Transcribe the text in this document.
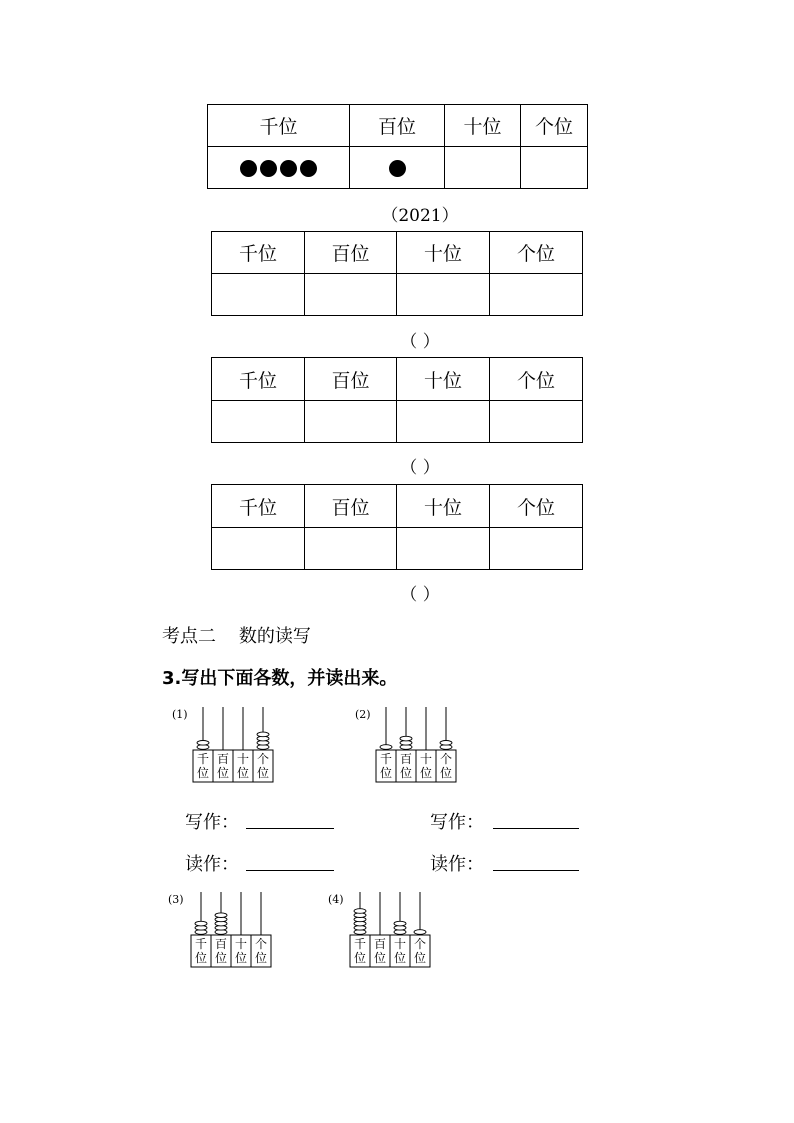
千位	百位	十位	个位

（2021）
千位	百位	十位	个位

（ ）
千位	百位	十位	个位

（ ）
千位	百位	十位	个位

（ ）
考点二    数的读写
3.写出下面各数，并读出来。
(1)
千
位
百
位
十
位
个
位
(2)
千
位
百
位
十
位
个
位
写作：	写作：
读作：	读作：
(3)
千
位
百
位
十
位
个
位
(4)
千
位
百
位
十
位
个
位
